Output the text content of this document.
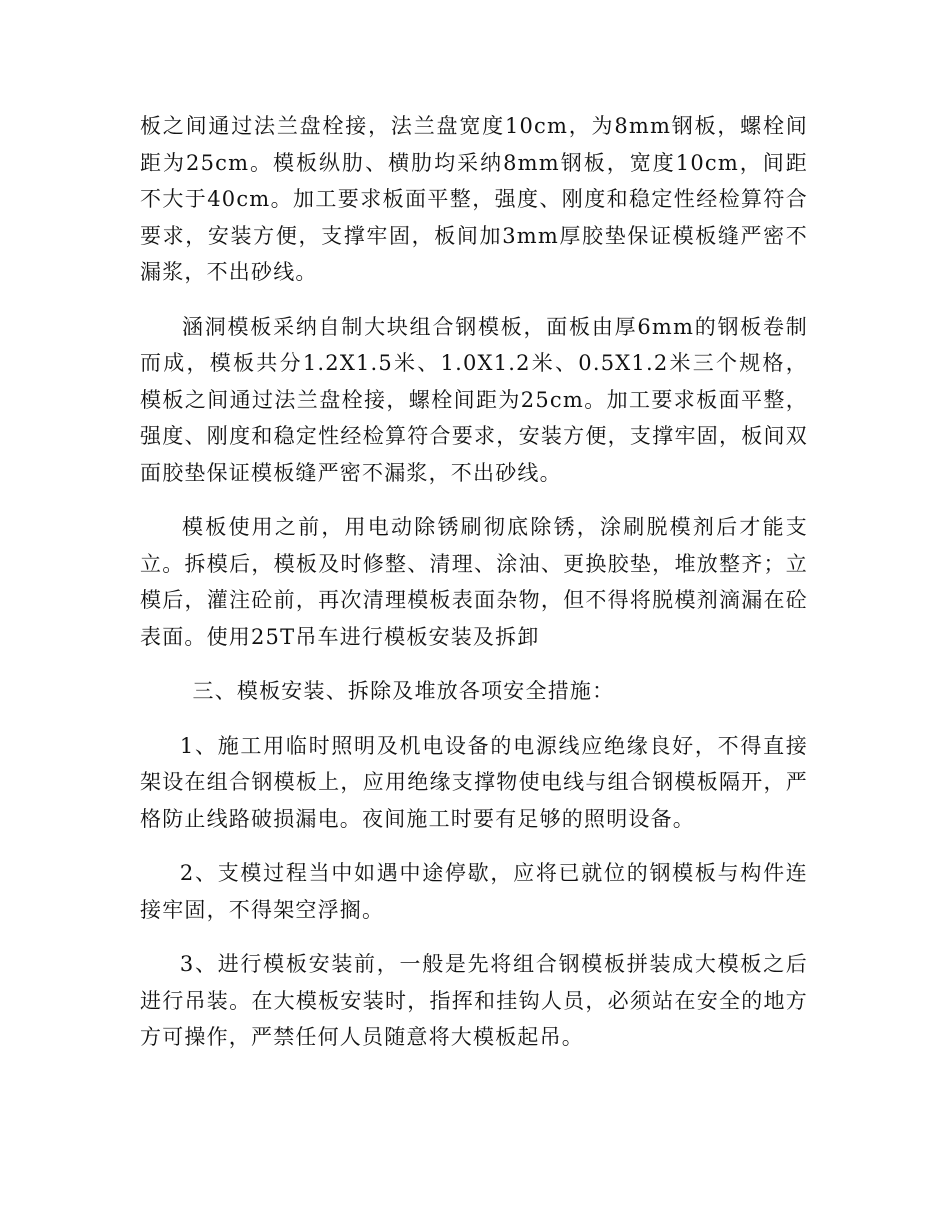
板之间通过法兰盘栓接，法兰盘宽度10cm，为8mm钢板，螺栓间距为25cm。模板纵肋、横肋均采纳8mm钢板，宽度10cm，间距不大于40cm。加工要求板面平整，强度、刚度和稳定性经检算符合要求，安装方便，支撑牢固，板间加3mm厚胶垫保证模板缝严密不漏浆，不出砂线。

涵洞模板采纳自制大块组合钢模板，面板由厚6mm的钢板卷制而成，模板共分1.2X1.5米、1.0X1.2米、0.5X1.2米三个规格，模板之间通过法兰盘栓接，螺栓间距为25cm。加工要求板面平整，强度、刚度和稳定性经检算符合要求，安装方便，支撑牢固，板间双面胶垫保证模板缝严密不漏浆，不出砂线。

模板使用之前，用电动除锈刷彻底除锈，涂刷脱模剂后才能支立。拆模后，模板及时修整、清理、涂油、更换胶垫，堆放整齐；立模后，灌注砼前，再次清理模板表面杂物，但不得将脱模剂滴漏在砼表面。使用25T吊车进行模板安装及拆卸

三、模板安装、拆除及堆放各项安全措施：

1、施工用临时照明及机电设备的电源线应绝缘良好，不得直接架设在组合钢模板上，应用绝缘支撑物使电线与组合钢模板隔开，严格防止线路破损漏电。夜间施工时要有足够的照明设备。

2、支模过程当中如遇中途停歇，应将已就位的钢模板与构件连接牢固，不得架空浮搁。

3、进行模板安装前，一般是先将组合钢模板拼装成大模板之后进行吊装。在大模板安装时，指挥和挂钩人员，必须站在安全的地方方可操作，严禁任何人员随意将大模板起吊。
